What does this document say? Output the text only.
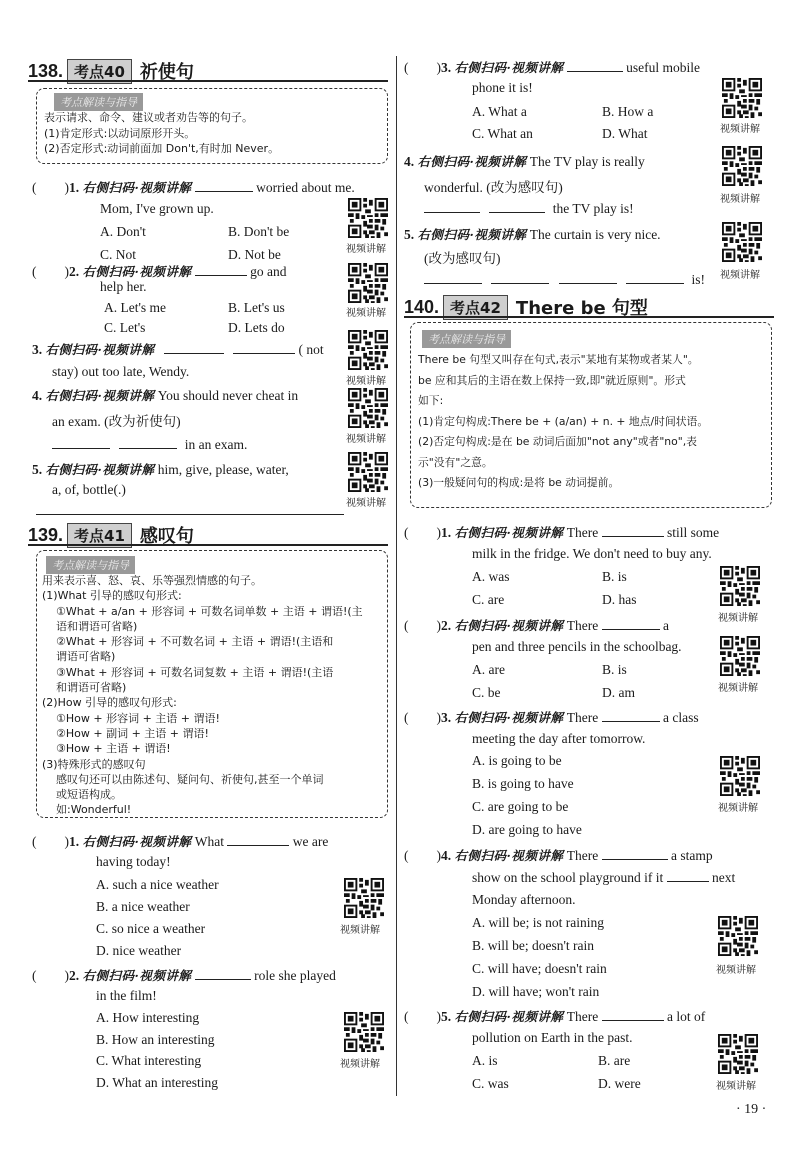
138. 考点40 祈使句
考点解读与指导
表示请求、命令、建议或者劝告等的句子。
(1)肯定形式:以动词原形开头。
(2)否定形式:动词前面加 Don't,有时加 Never。
( )1. 右侧扫码·视频讲解	worried about me.
Mom, I've grown up.
A. Don't	B. Don't be
C. Not	D. Not be	视频讲解
( )2. 右侧扫码·视频讲解	go and
help her.
A. Let's me	B. Let's us
C. Let's	D. Lets do
视频讲解
3. 右侧扫码·视频讲解	( not
stay) out too late, Wendy.
视频讲解
4. 右侧扫码·视频讲解 You should never cheat in
an exam. (改为祈使句)
in an exam.	视频讲解
5. 右侧扫码·视频讲解 him, give, please, water,
a, of, bottle(.)
视频讲解
139. 考点41 感叹句
考点解读与指导
用来表示喜、怒、哀、乐等强烈情感的句子。
(1)What 引导的感叹句形式:
①What + a/an + 形容词 + 可数名词单数 + 主语 + 谓语!(主
语和谓语可省略)
②What + 形容词 + 不可数名词 + 主语 + 谓语!(主语和
谓语可省略)
③What + 形容词 + 可数名词复数 + 主语 + 谓语!(主语
和谓语可省略)
(2)How 引导的感叹句形式:
①How + 形容词 + 主语 + 谓语!
②How + 副词 + 主语 + 谓语!
③How + 主语 + 谓语!
(3)特殊形式的感叹句
感叹句还可以由陈述句、疑问句、祈使句,甚至一个单词
或短语构成。
如:Wonderful!
( )1. 右侧扫码·视频讲解 What	we are
having today!
A. such a nice weather
B. a nice weather
C. so nice a weather
D. nice weather
视频讲解
( )2. 右侧扫码·视频讲解	role she played
in the film!
A. How interesting
B. How an interesting
C. What interesting
D. What an interesting
视频讲解
( )3. 右侧扫码·视频讲解	useful mobile
phone it is!
A. What a	B. How a
C. What an	D. What	视频讲解
4. 右侧扫码·视频讲解 The TV play is really
wonderful. (改为感叹句)
the TV play is!
视频讲解
5. 右侧扫码·视频讲解 The curtain is very nice.
(改为感叹句)
is! 视频讲解
140. 考点42 There be 句型
考点解读与指导
There be 句型又叫存在句式,表示"某地有某物或者某人"。
be 应和其后的主语在数上保持一致,即"就近原则"。形式
如下:
(1)肯定句构成:There be + (a/an) + n. + 地点/时间状语。
(2)否定句构成:是在 be 动词后面加"not any"或者"no",表
示"没有"之意。
(3)一般疑问句的构成:是将 be 动词提前。
( )1. 右侧扫码·视频讲解 There	still some
milk in the fridge. We don't need to buy any.
A. was	B. is
C. are	D. has
视频讲解
( )2. 右侧扫码·视频讲解 There	a
pen and three pencils in the schoolbag.
A. are	B. is
C. be	D. am	视频讲解
( )3. 右侧扫码·视频讲解 There	a class
meeting the day after tomorrow.
A. is going to be
B. is going to have
C. are going to be
D. are going to have
视频讲解
( )4. 右侧扫码·视频讲解 There	a stamp
show on the school playground if it	next
Monday afternoon.
A. will be; is not raining
B. will be; doesn't rain
C. will have; doesn't rain
D. will have; won't rain
视频讲解
( )5. 右侧扫码·视频讲解 There	a lot of
pollution on Earth in the past.
A. is	B. are
C. was	D. were	视频讲解
· 19 ·
